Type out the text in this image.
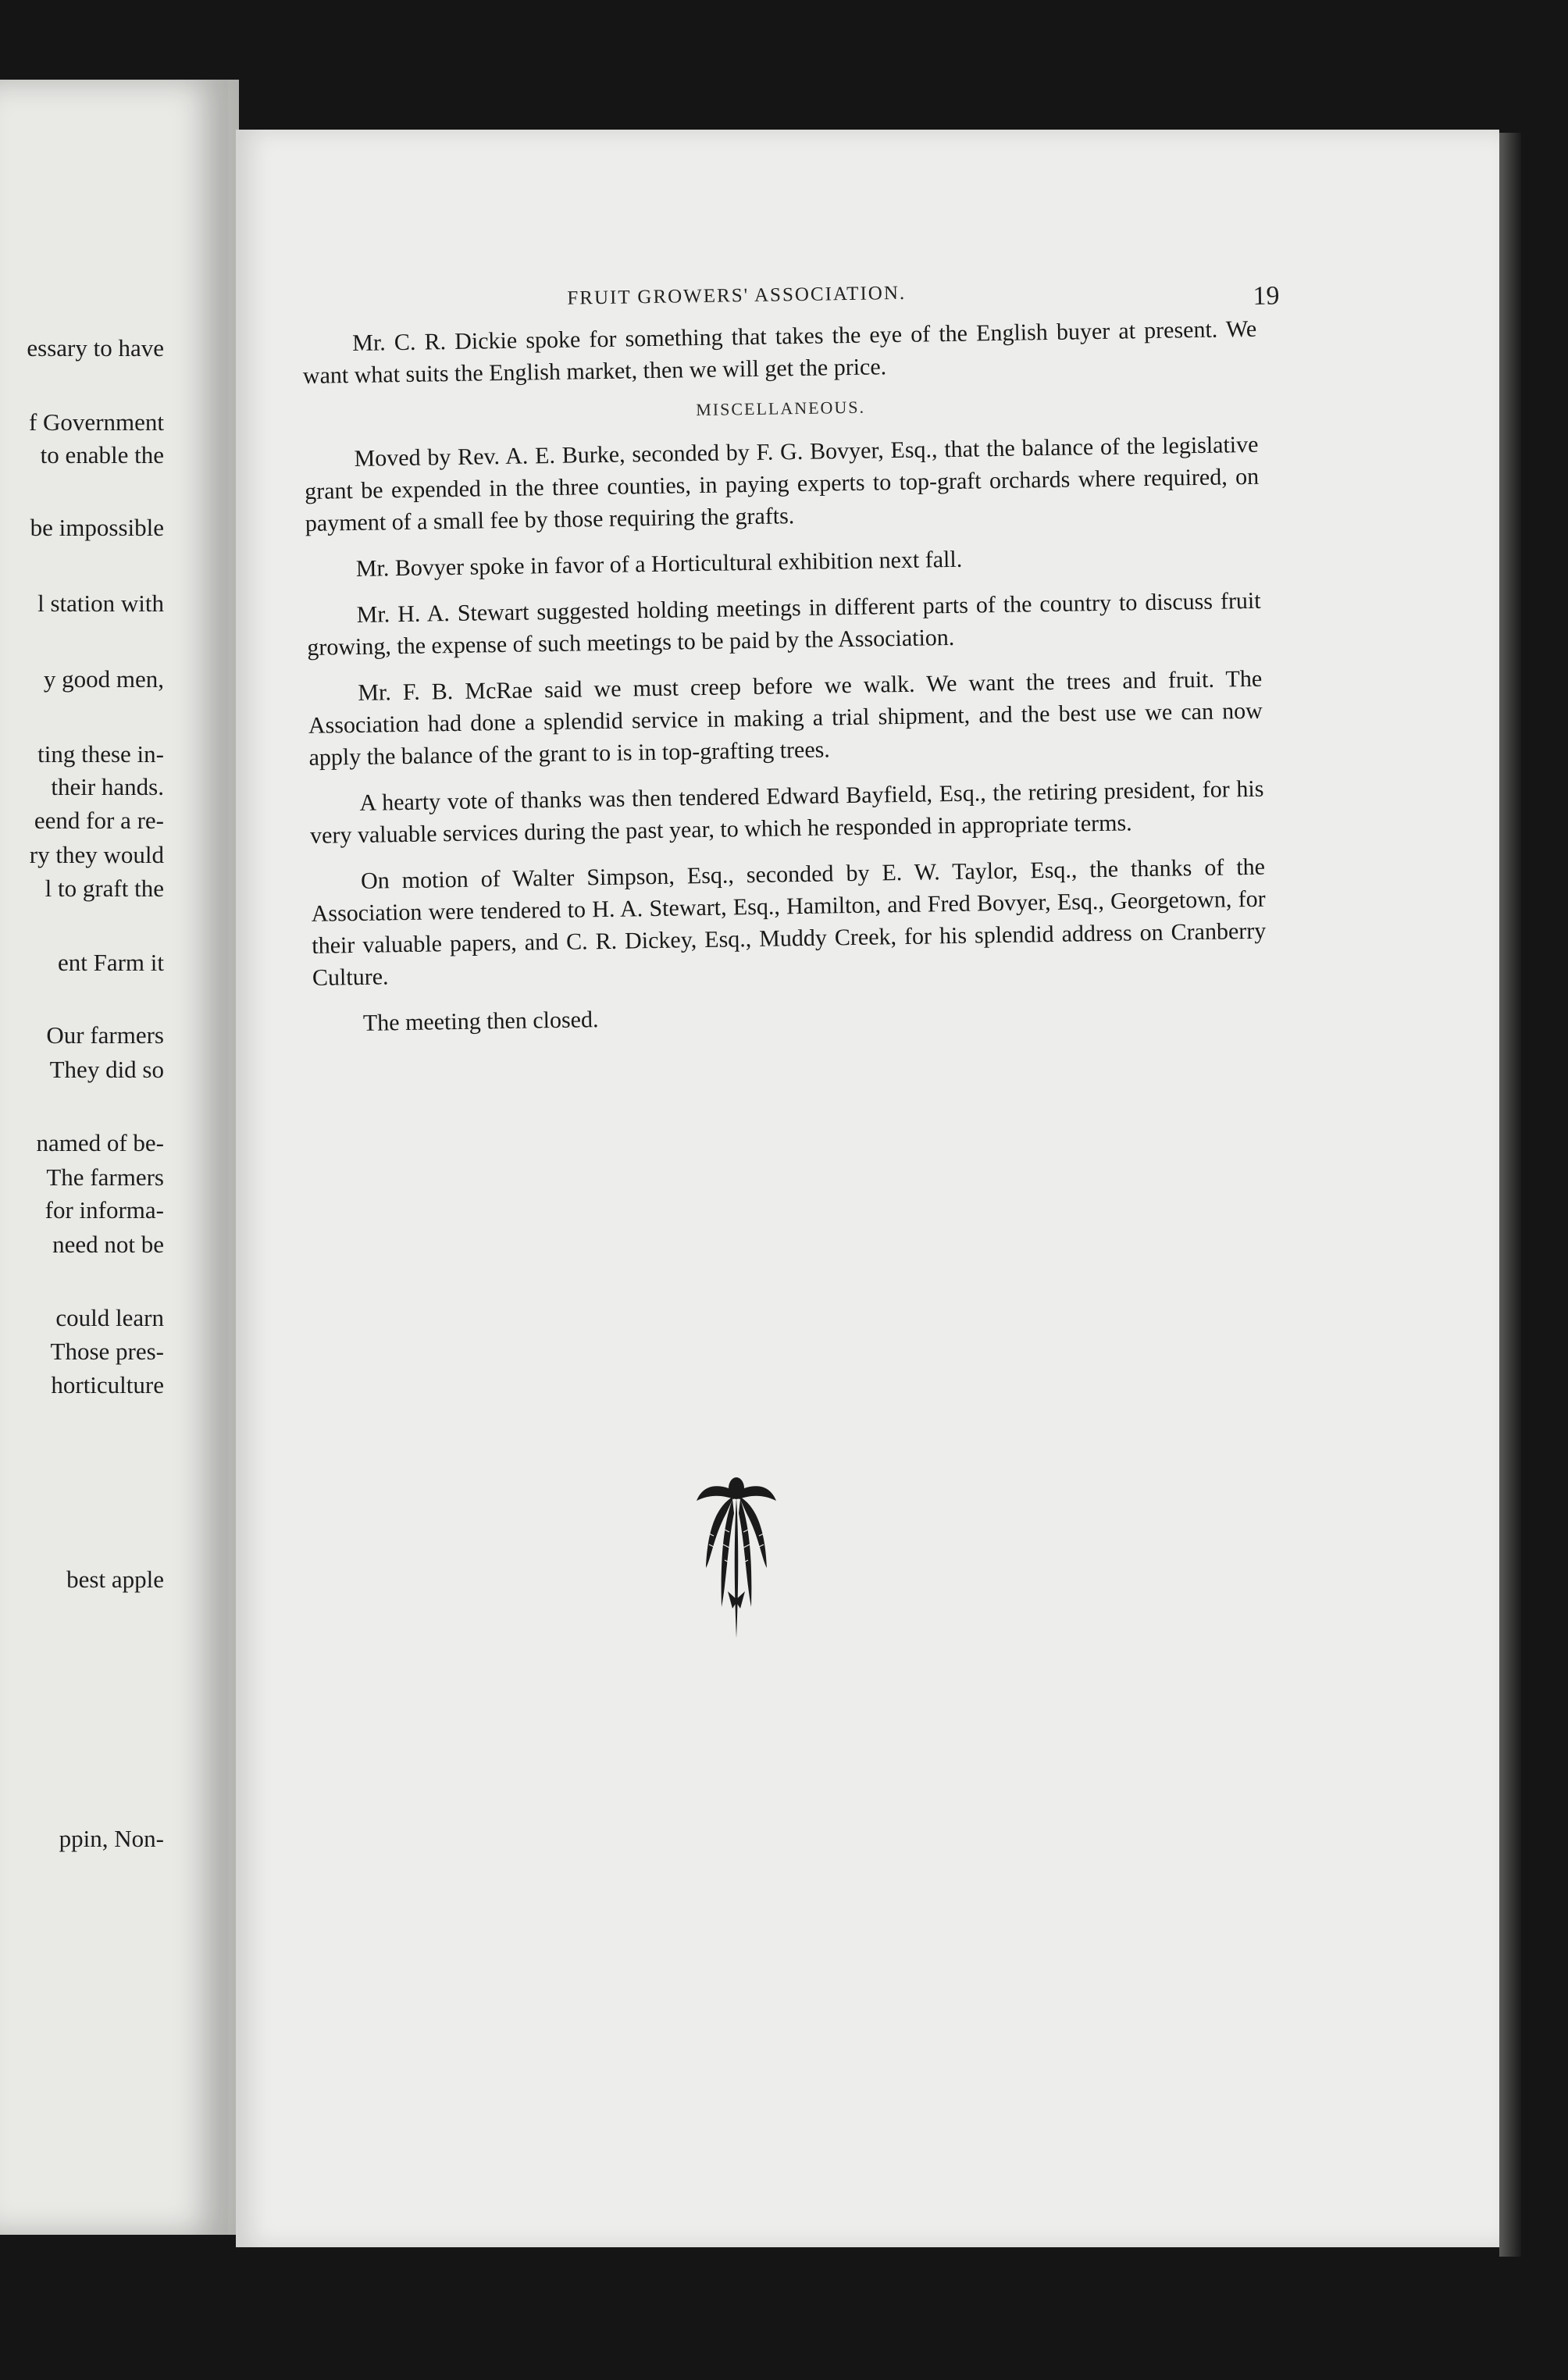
essary to have
f Government
to enable the
be impossible
l station with
y good men,
ting these in-
their hands.
eend for a re-
ry they would
l to graft the
ent Farm it
Our farmers
They did so
named of be-
The farmers
for informa-
need not be
could learn
Those pres-
horticulture
best apple
ppin, Non-
FRUIT GROWERS' ASSOCIATION.	19

Mr. C. R. Dickie spoke for something that takes the eye of the English buyer at present. We want what suits the English market, then we will get the price.

MISCELLANEOUS.

Moved by Rev. A. E. Burke, seconded by F. G. Bovyer, Esq., that the balance of the legislative grant be expended in the three counties, in paying experts to top-graft orchards where required, on payment of a small fee by those requiring the grafts.

Mr. Bovyer spoke in favor of a Horticultural exhibition next fall.

Mr. H. A. Stewart suggested holding meetings in different parts of the country to discuss fruit growing, the expense of such meetings to be paid by the Association.

Mr. F. B. McRae said we must creep before we walk. We want the trees and fruit. The Association had done a splendid service in making a trial shipment, and the best use we can now apply the balance of the grant to is in top-grafting trees.

A hearty vote of thanks was then tendered Edward Bayfield, Esq., the retiring president, for his very valuable services during the past year, to which he responded in appropriate terms.

On motion of Walter Simpson, Esq., seconded by E. W. Taylor, Esq., the thanks of the Association were tendered to H. A. Stewart, Esq., Hamilton, and Fred Bovyer, Esq., Georgetown, for their valuable papers, and C. R. Dickey, Esq., Muddy Creek, for his splendid address on Cranberry Culture.

The meeting then closed.
